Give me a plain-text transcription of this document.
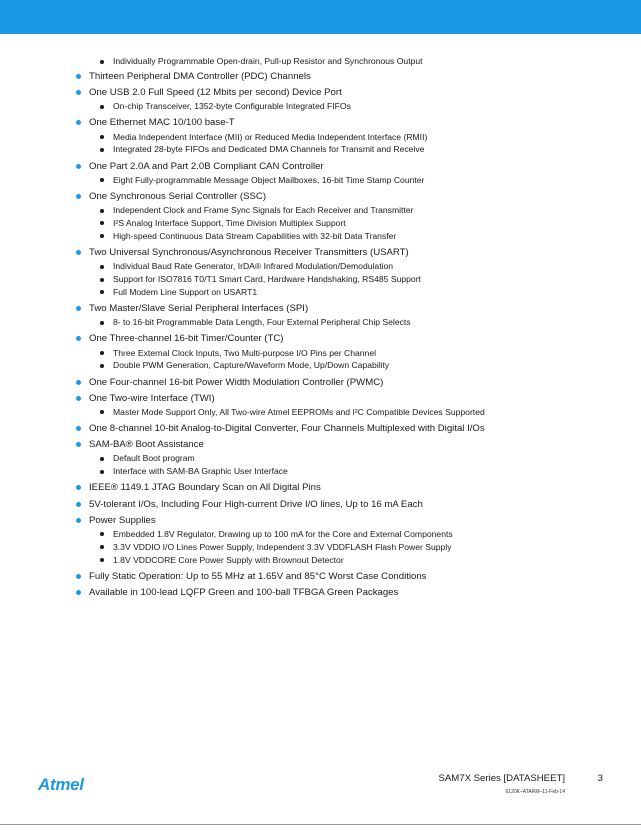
Individually Programmable Open-drain, Pull-up Resistor and Synchronous Output
Thirteen Peripheral DMA Controller (PDC) Channels
One USB 2.0 Full Speed (12 Mbits per second) Device Port
On-chip Transceiver, 1352-byte Configurable Integrated FIFOs
One Ethernet MAC 10/100 base-T
Media Independent Interface (MII) or Reduced Media Independent Interface (RMII)
Integrated 28-byte FIFOs and Dedicated DMA Channels for Transmit and Receive
One Part 2.0A and Part 2.0B Compliant CAN Controller
Eight Fully-programmable Message Object Mailboxes, 16-bit Time Stamp Counter
One Synchronous Serial Controller (SSC)
Independent Clock and Frame Sync Signals for Each Receiver and Transmitter
I²S Analog Interface Support, Time Division Multiplex Support
High-speed Continuous Data Stream Capabilities with 32-bit Data Transfer
Two Universal Synchronous/Asynchronous Receiver Transmitters (USART)
Individual Baud Rate Generator, IrDA® Infrared Modulation/Demodulation
Support for ISO7816 T0/T1 Smart Card, Hardware Handshaking, RS485 Support
Full Modem Line Support on USART1
Two Master/Slave Serial Peripheral Interfaces (SPI)
8- to 16-bit Programmable Data Length, Four External Peripheral Chip Selects
One Three-channel 16-bit Timer/Counter (TC)
Three External Clock Inputs, Two Multi-purpose I/O Pins per Channel
Double PWM Generation, Capture/Waveform Mode, Up/Down Capability
One Four-channel 16-bit Power Width Modulation Controller (PWMC)
One Two-wire Interface (TWI)
Master Mode Support Only, All Two-wire Atmel EEPROMs and I²C Compatible Devices Supported
One 8-channel 10-bit Analog-to-Digital Converter, Four Channels Multiplexed with Digital I/Os
SAM-BA® Boot Assistance
Default Boot program
Interface with SAM-BA Graphic User Interface
IEEE® 1149.1 JTAG Boundary Scan on All Digital Pins
5V-tolerant I/Os, Including Four High-current Drive I/O lines, Up to 16 mA Each
Power Supplies
Embedded 1.8V Regulator, Drawing up to 100 mA for the Core and External Components
3.3V VDDIO I/O Lines Power Supply, Independent 3.3V VDDFLASH Flash Power Supply
1.8V VDDCORE Core Power Supply with Brownout Detector
Fully Static Operation: Up to 55 MHz at 1.65V and 85°C Worst Case Conditions
Available in 100-lead LQFP Green and 100-ball TFBGA Green Packages
Atmel	SAM7X Series [DATASHEET]	3
6120K–ATARM–11-Feb-14
